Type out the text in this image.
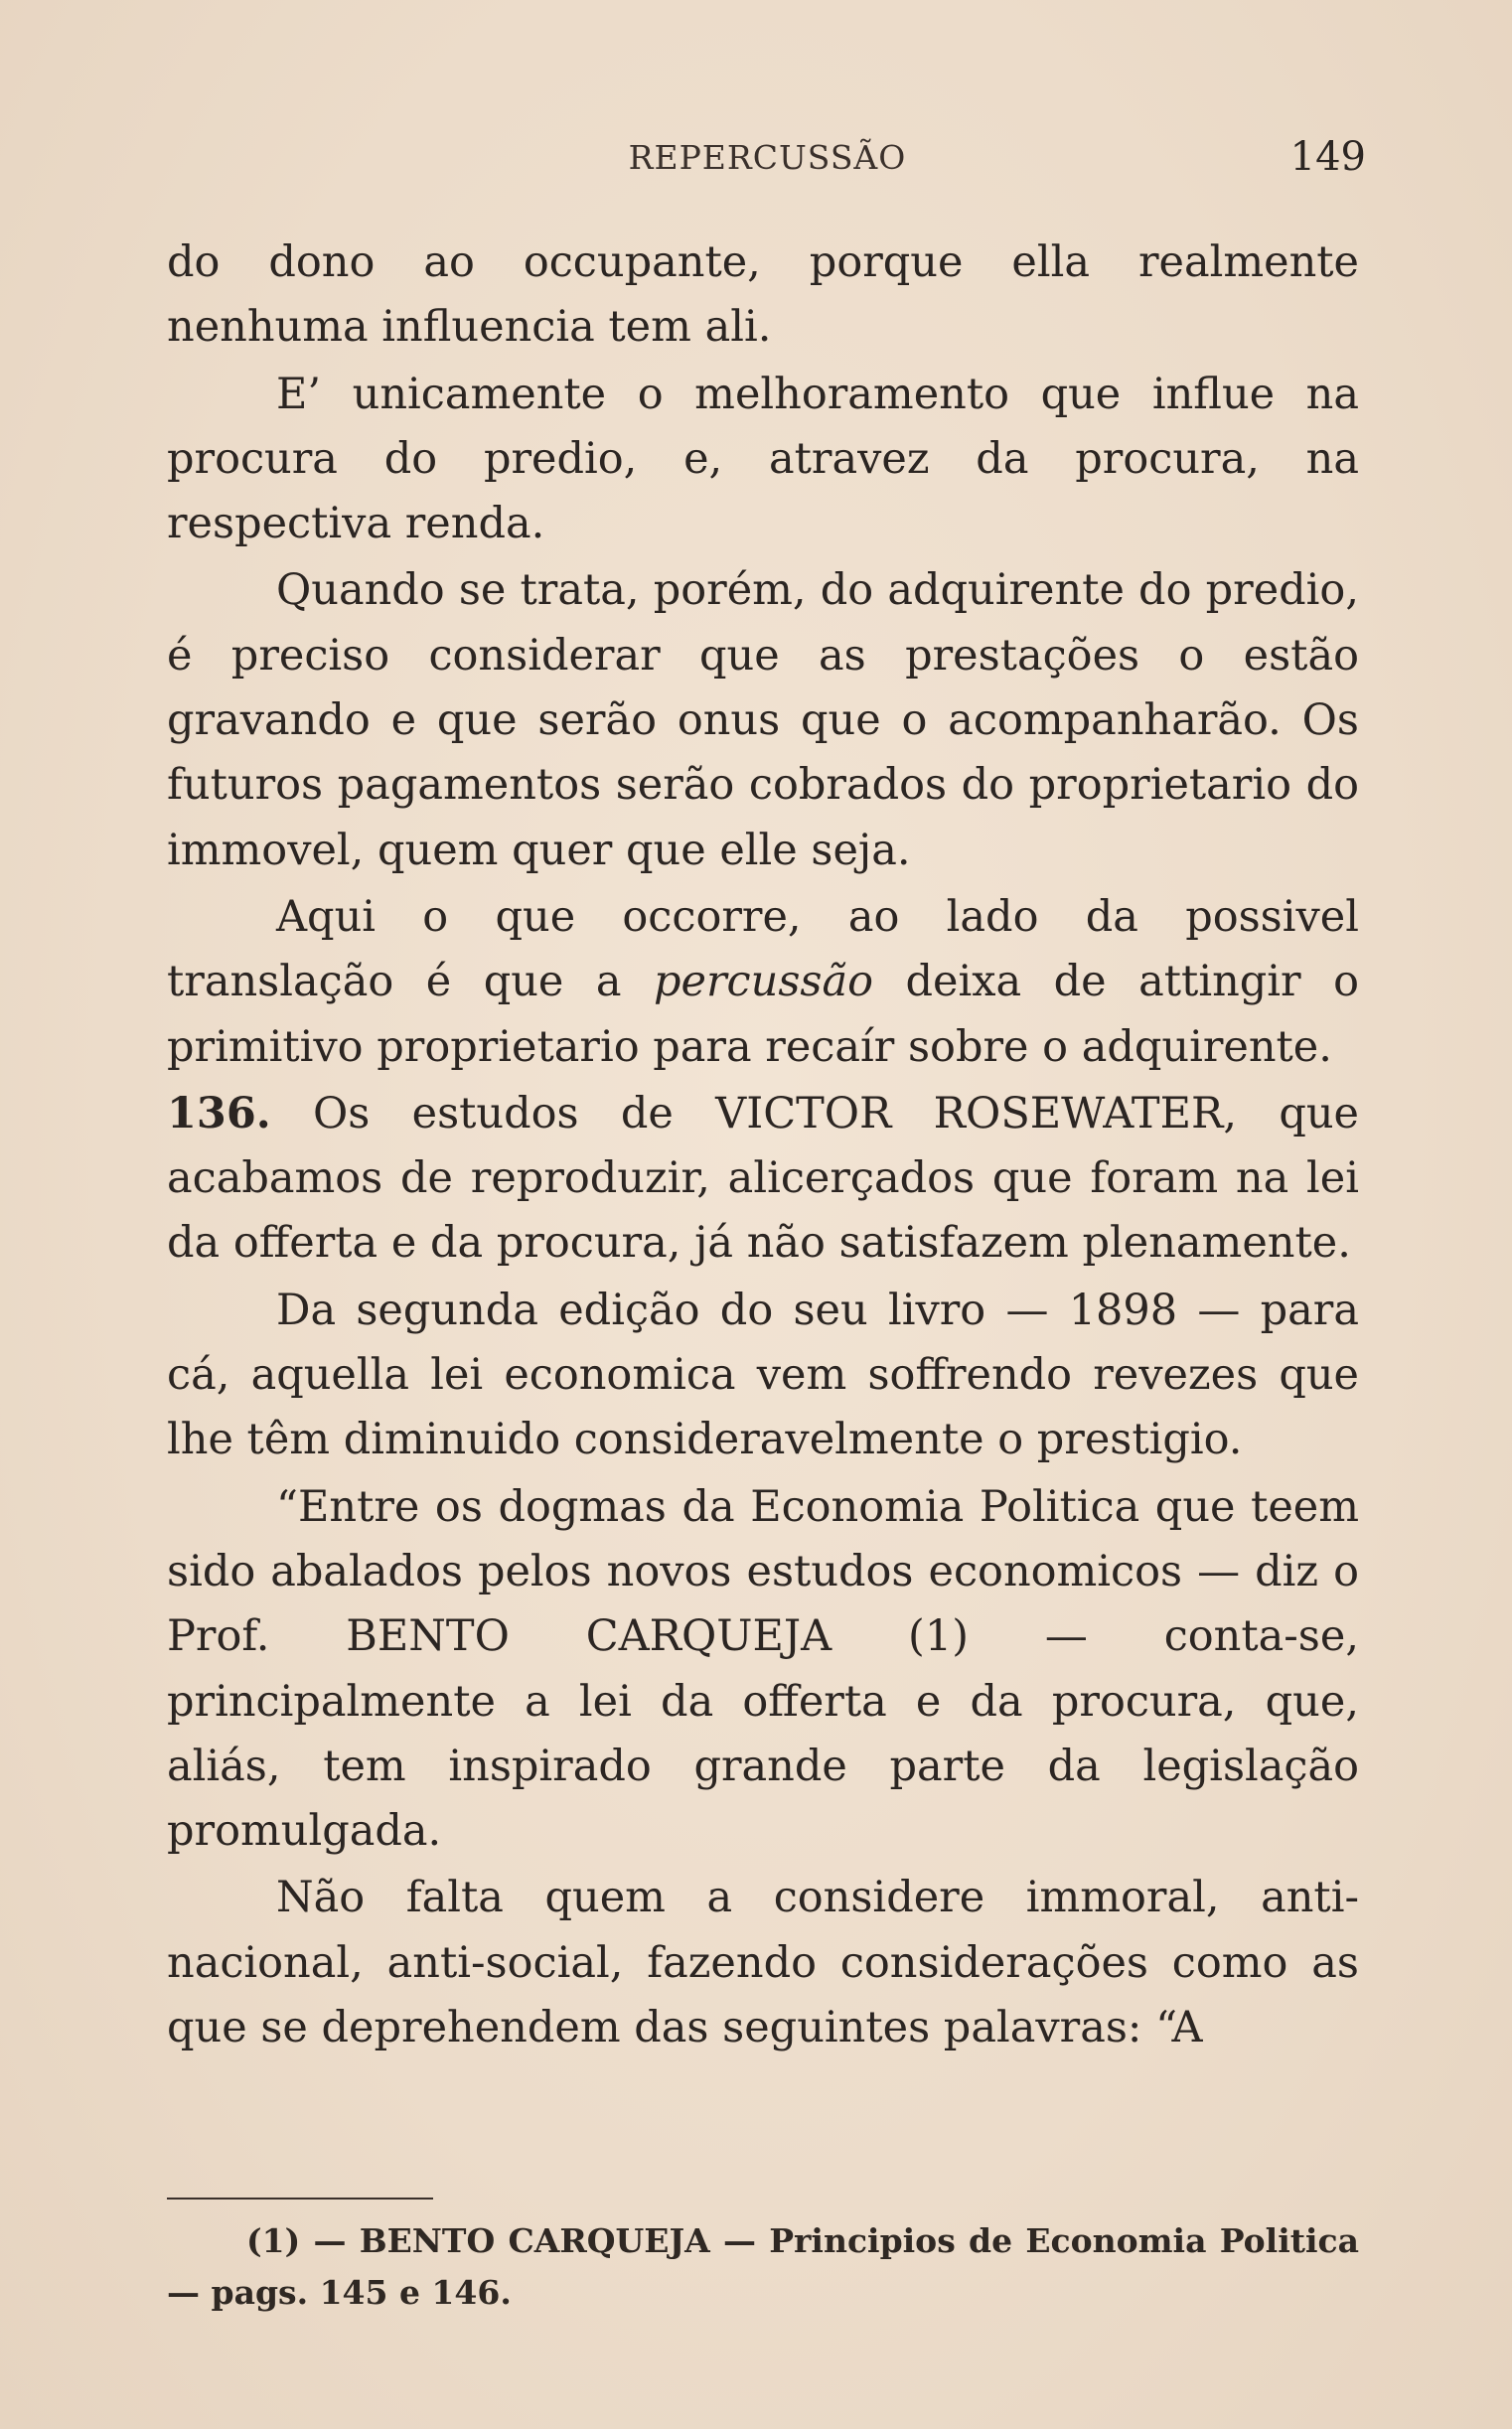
REPERCUSSÃO	149

do dono ao occupante, porque ella realmente nenhuma influencia tem ali.

E’ unicamente o melhoramento que influe na procura do predio, e, atravez da procura, na respectiva renda.

Quando se trata, porém, do adquirente do predio, é preciso considerar que as prestações o estão gravando e que serão onus que o acompanharão. Os futuros pagamentos serão cobrados do proprietario do immovel, quem quer que elle seja.

Aqui o que occorre, ao lado da possivel translação é que a percussão deixa de attingir o primitivo proprietario para recaír sobre o adquirente.

136. Os estudos de VICTOR ROSEWATER, que acabamos de reproduzir, alicerçados que foram na lei da offerta e da procura, já não satisfazem plenamente.

Da segunda edição do seu livro — 1898 — para cá, aquella lei economica vem soffrendo revezes que lhe têm diminuido consideravelmente o prestigio.

“Entre os dogmas da Economia Politica que teem sido abalados pelos novos estudos economicos — diz o Prof. BENTO CARQUEJA (1) — conta-se, principalmente a lei da offerta e da procura, que, aliás, tem inspirado grande parte da legislação promulgada.

Não falta quem a considere immoral, anti-nacional, anti-social, fazendo considerações como as que se deprehendem das seguintes palavras: “A

(1) — BENTO CARQUEJA — Principios de Economia Politica — pags. 145 e 146.
